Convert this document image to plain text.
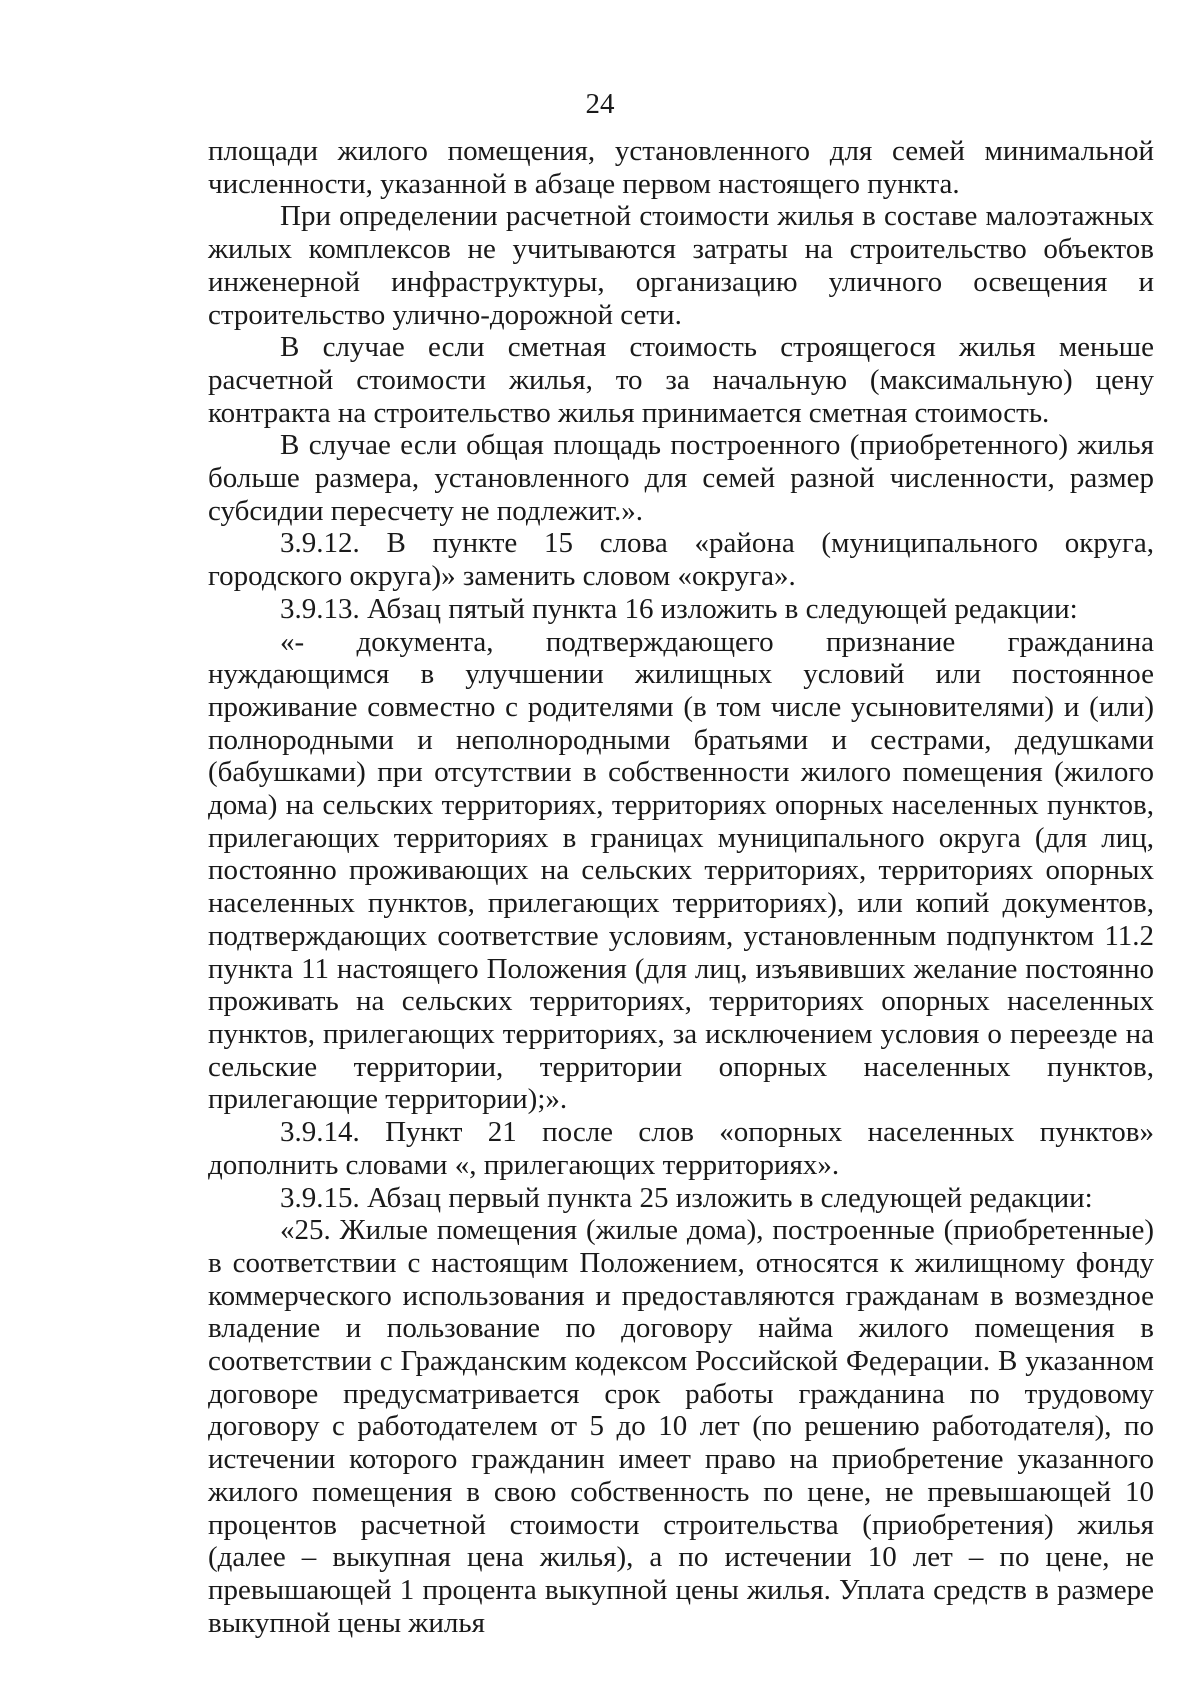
24

площади жилого помещения, установленного для семей минимальной численности, указанной в абзаце первом настоящего пункта.

При определении расчетной стоимости жилья в составе малоэтажных жилых комплексов не учитываются затраты на строительство объектов инженерной инфраструктуры, организацию уличного освещения и строительство улично-дорожной сети.

В случае если сметная стоимость строящегося жилья меньше расчетной стоимости жилья, то за начальную (максимальную) цену контракта на строительство жилья принимается сметная стоимость.

В случае если общая площадь построенного (приобретенного) жилья больше размера, установленного для семей разной численности, размер субсидии пересчету не подлежит.».

3.9.12. В пункте 15 слова «района (муниципального округа, городского округа)» заменить словом «округа».

3.9.13. Абзац пятый пункта 16 изложить в следующей редакции:

«- документа, подтверждающего признание гражданина нуждающимся в улучшении жилищных условий или постоянное проживание совместно с родителями (в том числе усыновителями) и (или) полнородными и неполнородными братьями и сестрами, дедушками (бабушками) при отсутствии в собственности жилого помещения (жилого дома) на сельских территориях, территориях опорных населенных пунктов, прилегающих территориях в границах муниципального округа (для лиц, постоянно проживающих на сельских территориях, территориях опорных населенных пунктов, прилегающих территориях), или копий документов, подтверждающих соответствие условиям, установленным подпунктом 11.2 пункта 11 настоящего Положения (для лиц, изъявивших желание постоянно проживать на сельских территориях, территориях опорных населенных пунктов, прилегающих территориях, за исключением условия о переезде на сельские территории, территории опорных населенных пунктов, прилегающие территории);».

3.9.14. Пункт 21 после слов «опорных населенных пунктов» дополнить словами «, прилегающих территориях».

3.9.15. Абзац первый пункта 25 изложить в следующей редакции:

«25. Жилые помещения (жилые дома), построенные (приобретенные) в соответствии с настоящим Положением, относятся к жилищному фонду коммерческого использования и предоставляются гражданам в возмездное владение и пользование по договору найма жилого помещения в соответствии с Гражданским кодексом Российской Федерации. В указанном договоре предусматривается срок работы гражданина по трудовому договору с работодателем от 5 до 10 лет (по решению работодателя), по истечении которого гражданин имеет право на приобретение указанного жилого помещения в свою собственность по цене, не превышающей 10 процентов расчетной стоимости строительства (приобретения) жилья (далее – выкупная цена жилья), а по истечении 10 лет – по цене, не превышающей 1 процента выкупной цены жилья. Уплата средств в размере выкупной цены жилья
